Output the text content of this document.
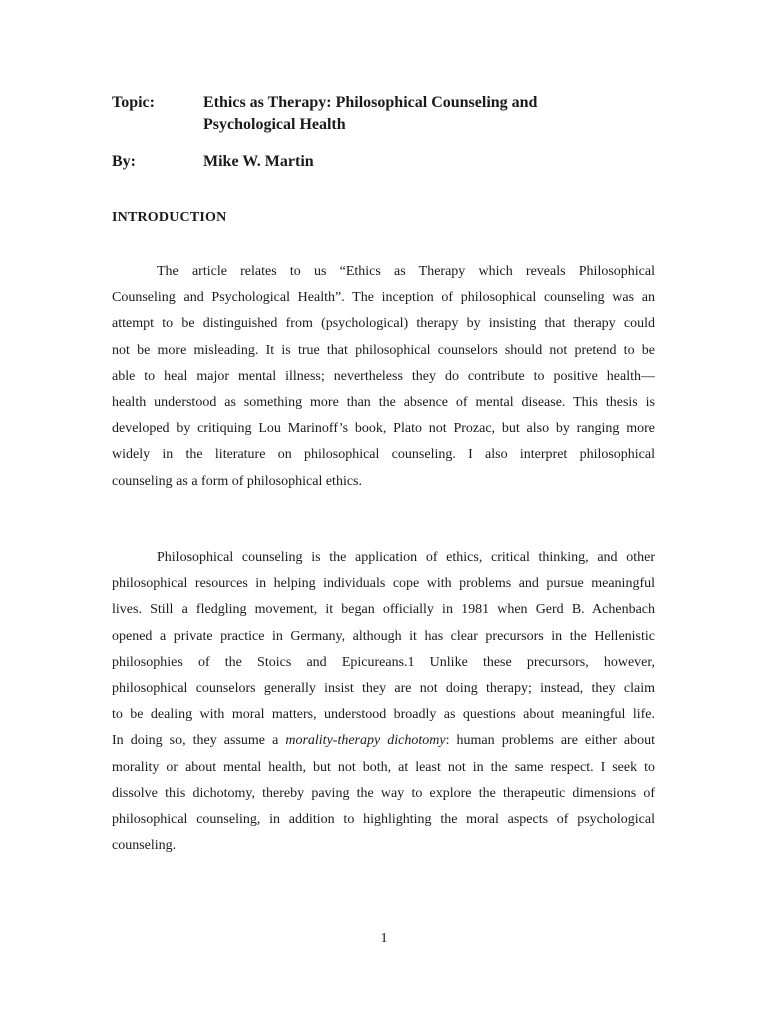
Topic:	Ethics as Therapy: Philosophical Counseling and
Psychological Health
By:	Mike W. Martin
INTRODUCTION
The article relates to us “Ethics as Therapy which reveals Philosophical
Counseling and Psychological Health”. The inception of philosophical counseling was an
attempt to be distinguished from (psychological) therapy by insisting that therapy could
not be more misleading. It is true that philosophical counselors should not pretend to be
able to heal major mental illness; nevertheless they do contribute to positive health—
health understood as something more than the absence of mental disease. This thesis is
developed by critiquing Lou Marinoff’s book, Plato not Prozac, but also by ranging more
widely in the literature on philosophical counseling. I also interpret philosophical
counseling as a form of philosophical ethics.
Philosophical counseling is the application of ethics, critical thinking, and other
philosophical resources in helping individuals cope with problems and pursue meaningful
lives. Still a fledgling movement, it began officially in 1981 when Gerd B. Achenbach
opened a private practice in Germany, although it has clear precursors in the Hellenistic
philosophies of the Stoics and Epicureans.1 Unlike these precursors, however,
philosophical counselors generally insist they are not doing therapy; instead, they claim
to be dealing with moral matters, understood broadly as questions about meaningful life.
In doing so, they assume a morality-therapy dichotomy: human problems are either about
morality or about mental health, but not both, at least not in the same respect. I seek to
dissolve this dichotomy, thereby paving the way to explore the therapeutic dimensions of
philosophical counseling, in addition to highlighting the moral aspects of psychological
counseling.
1
